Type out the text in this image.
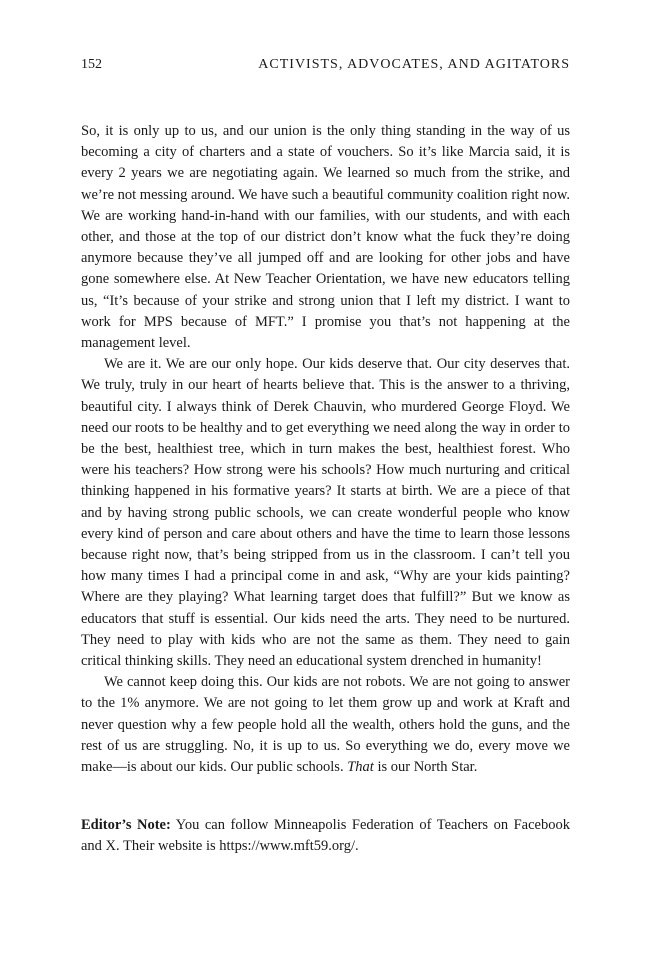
152	ACTIVISTS, ADVOCATES, AND AGITATORS

So, it is only up to us, and our union is the only thing standing in the way of us becoming a city of charters and a state of vouchers. So it’s like Marcia said, it is every 2 years we are negotiating again. We learned so much from the strike, and we’re not messing around. We have such a beautiful community coalition right now. We are working hand-in-hand with our families, with our students, and with each other, and those at the top of our district don’t know what the fuck they’re doing anymore because they’ve all jumped off and are looking for other jobs and have gone somewhere else. At New Teacher Orientation, we have new educators telling us, “It’s because of your strike and strong union that I left my district. I want to work for MPS because of MFT.” I promise you that’s not happening at the management level.

We are it. We are our only hope. Our kids deserve that. Our city deserves that. We truly, truly in our heart of hearts believe that. This is the answer to a thriving, beautiful city. I always think of Derek Chauvin, who murdered George Floyd. We need our roots to be healthy and to get everything we need along the way in order to be the best, healthiest tree, which in turn makes the best, healthiest forest. Who were his teachers? How strong were his schools? How much nurturing and critical thinking happened in his formative years? It starts at birth. We are a piece of that and by having strong public schools, we can create wonderful people who know every kind of person and care about others and have the time to learn those lessons because right now, that’s being stripped from us in the classroom. I can’t tell you how many times I had a principal come in and ask, “Why are your kids painting? Where are they playing? What learning target does that fulfill?” But we know as educators that stuff is essential. Our kids need the arts. They need to be nurtured. They need to play with kids who are not the same as them. They need to gain critical thinking skills. They need an educational system drenched in humanity!

We cannot keep doing this. Our kids are not robots. We are not going to answer to the 1% anymore. We are not going to let them grow up and work at Kraft and never question why a few people hold all the wealth, others hold the guns, and the rest of us are struggling. No, it is up to us. So everything we do, every move we make—is about our kids. Our public schools. That is our North Star.

Editor’s Note: You can follow Minneapolis Federation of Teachers on Facebook and X. Their website is https://www.mft59.org/.
